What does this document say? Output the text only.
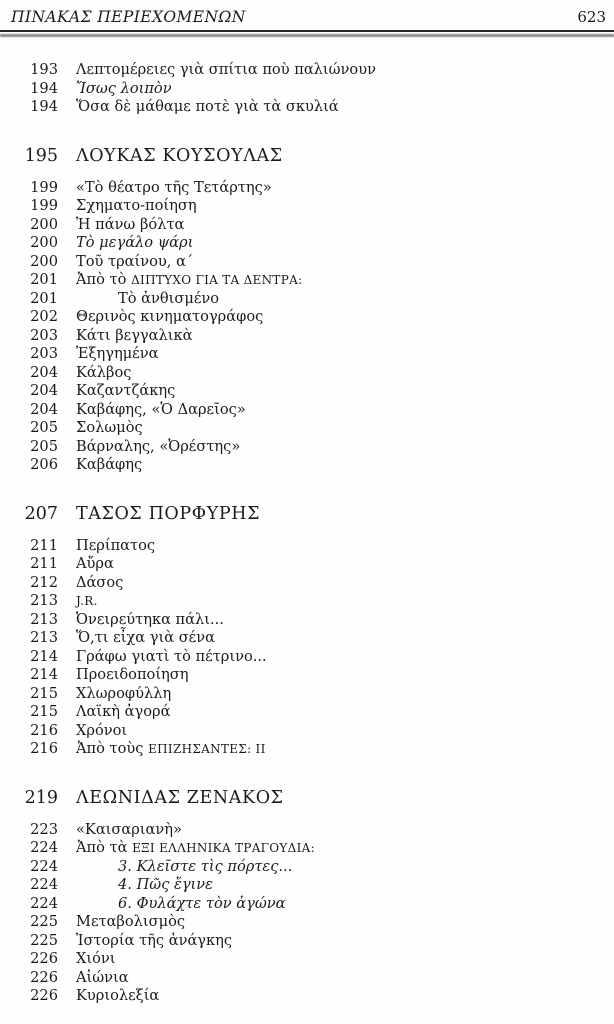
ΠΙΝΑΚΑΣ ΠΕΡΙΕΧΟΜΕΝΩΝ	623
193 Λεπτομέρειες γιὰ σπίτια ποὺ παλιώνουν
194 Ἴσως λοιπὸν
194 Ὅσα δὲ μάθαμε ποτὲ γιὰ τὰ σκυλιά
195 ΛΟΥΚΑΣ ΚΟΥΣΟΥΛΑΣ
199 «Τὸ θέατρο τῆς Τετάρτης»
199 Σχηματο-ποίηση
200 Ἡ πάνω βόλτα
200 Τὸ μεγάλο ψάρι
200 Τοῦ τραίνου, α´
201 Ἀπὸ τὸ ΔΙΠΤΥΧΟ ΓΙΑ ΤΑ ΔΕΝΤΡΑ:
201	Τὸ ἀνθισμένο
202 Θερινὸς κινηματογράφος
203 Κάτι βεγγαλικὰ
203 Ἐξηγημένα
204 Κάλβος
204 Καζαντζάκης
204 Καβάφης, «Ὁ Δαρεῖος»
205 Σολωμὸς
205 Βάρναλης, «Ὀρέστης»
206 Καβάφης
207 ΤΑΣΟΣ ΠΟΡΦΥΡΗΣ
211 Περίπατος
211 Αὔρα
212 Δάσος
213 J.R.
213 Ὀνειρεύτηκα πάλι...
213 Ὅ,τι εἶχα γιὰ σένα
214 Γράφω γιατὶ τὸ πέτρινο...
214 Προειδοποίηση
215 Χλωροφύλλη
215 Λαϊκὴ ἀγορά
216 Χρόνοι
216 Ἀπὸ τοὺς ΕΠΙΖΗΣΑΝΤΕΣ: ΙΙ
219 ΛΕΩΝΙΔΑΣ ΖΕΝΑΚΟΣ
223 «Καισαριανὴ»
224 Ἀπὸ τὰ ΕΞΙ ΕΛΛΗΝΙΚΑ ΤΡΑΓΟΥΔΙΑ:
224	3. Κλεῖστε τὶς πόρτες...
224	4. Πῶς ἔγινε
224	6. Φυλάχτε τὸν ἀγώνα
225 Μεταβολισμὸς
225 Ἱστορία τῆς ἀνάγκης
226 Χιόνι
226 Αἰώνια
226 Κυριολεξία
